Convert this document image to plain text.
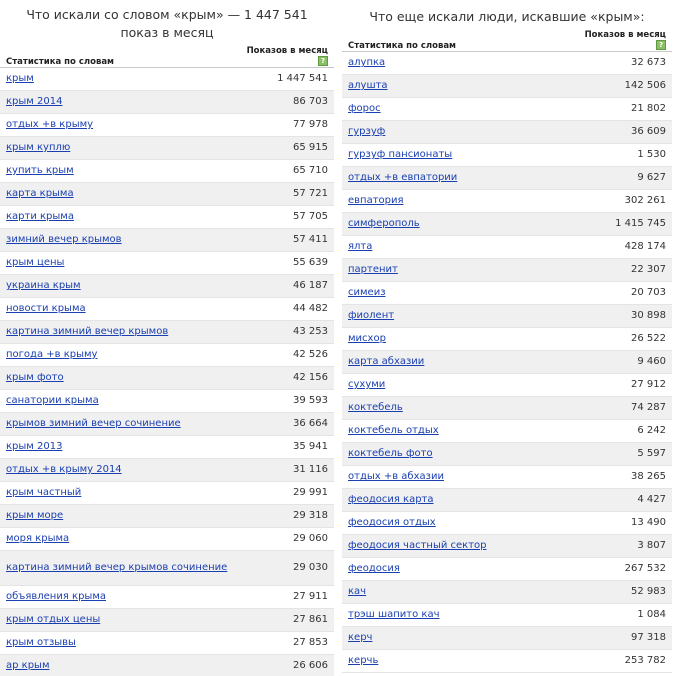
Что искали со словом «крым» — 1 447 541 показ в месяц
Статистика по словам	Показов в месяц?
крым	1 447 541
крым 2014	86 703
отдых +в крыму	77 978
крым куплю	65 915
купить крым	65 710
карта крыма	57 721
карти крыма	57 705
зимний вечер крымов	57 411
крым цены	55 639
украина крым	46 187
новости крыма	44 482
картина зимний вечер крымов	43 253
погода +в крыму	42 526
крым фото	42 156
санатории крыма	39 593
крымов зимний вечер сочинение	36 664
крым 2013	35 941
отдых +в крыму 2014	31 116
крым частный	29 991
крым море	29 318
моря крыма	29 060
картина зимний вечер крымов сочинение	29 030
объявления крыма	27 911
крым отдых цены	27 861
крым отзывы	27 853
ар крым	26 606
Что еще искали люди, искавшие «крым»:
Статистика по словам	Показов в месяц?
алупка	32 673
алушта	142 506
форос	21 802
гурзуф	36 609
гурзуф пансионаты	1 530
отдых +в евпатории	9 627
евпатория	302 261
симферополь	1 415 745
ялта	428 174
партенит	22 307
симеиз	20 703
фиолент	30 898
мисхор	26 522
карта абхазии	9 460
сухуми	27 912
коктебель	74 287
коктебель отдых	6 242
коктебель фото	5 597
отдых +в абхазии	38 265
феодосия карта	4 427
феодосия отдых	13 490
феодосия частный сектор	3 807
феодосия	267 532
кач	52 983
трэш шапито кач	1 084
керч	97 318
керчь	253 782
